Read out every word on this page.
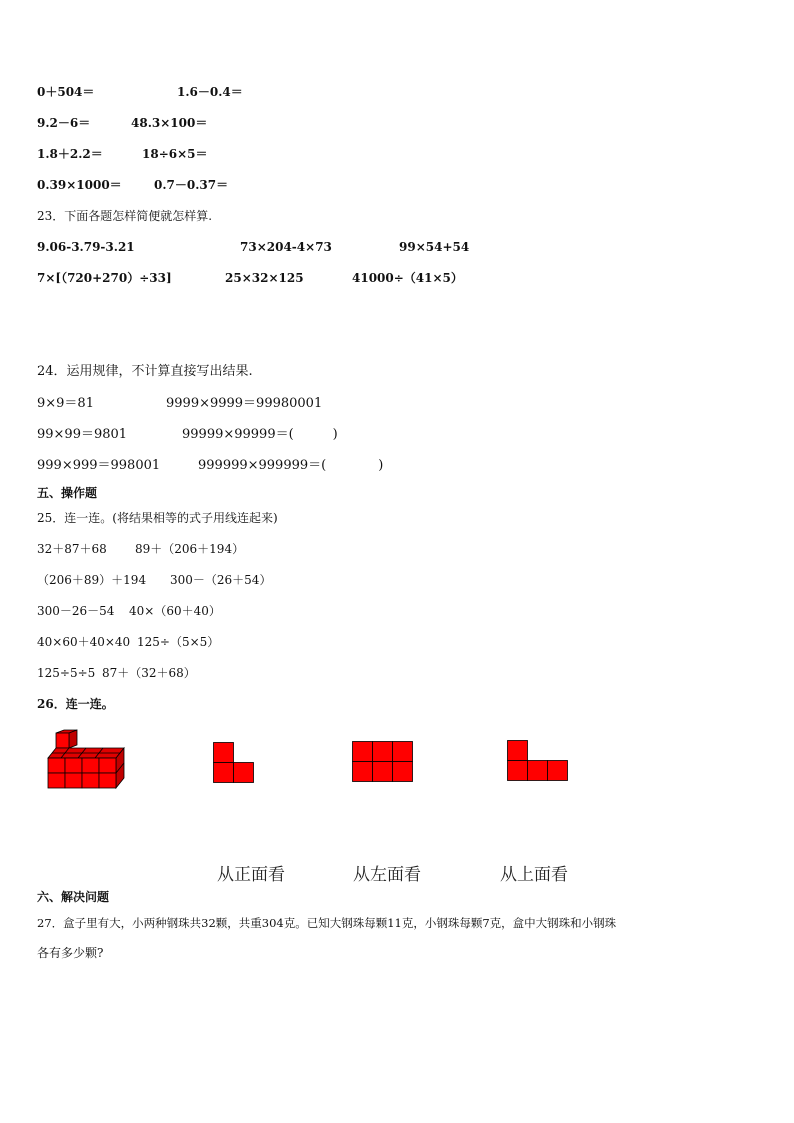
0＋504＝	1.6－0.4＝
9.2－6＝	48.3×100＝
1.8＋2.2＝	18÷6×5＝
0.39×1000＝	0.7－0.37＝
23．下面各题怎样简便就怎样算.
9.06-3.79-3.21	73×204-4×73	99×54+54
7×[（720+270）÷33]	25×32×125	41000÷（41×5）
24．运用规律，不计算直接写出结果.
9×9＝81	9999×9999＝99980001
99×99＝9801	99999×99999＝(　　　)
999×999＝998001	999999×999999＝(　　　　)
五、操作题
25．连一连。(将结果相等的式子用线连起来)
32＋87＋68 89＋（206＋194）
（206＋89）＋194 300－（26＋54）
300－26－54 40×（60＋40）
40×60＋40×40 125÷（5×5）
125÷5÷5 87＋（32＋68）
26．连一连。
从正面看	从左面看	从上面看
六、解决问题
27．盒子里有大，小两种钢珠共32颗，共重304克。已知大钢珠每颗11克，小钢珠每颗7克，盒中大钢珠和小钢珠
各有多少颗?
